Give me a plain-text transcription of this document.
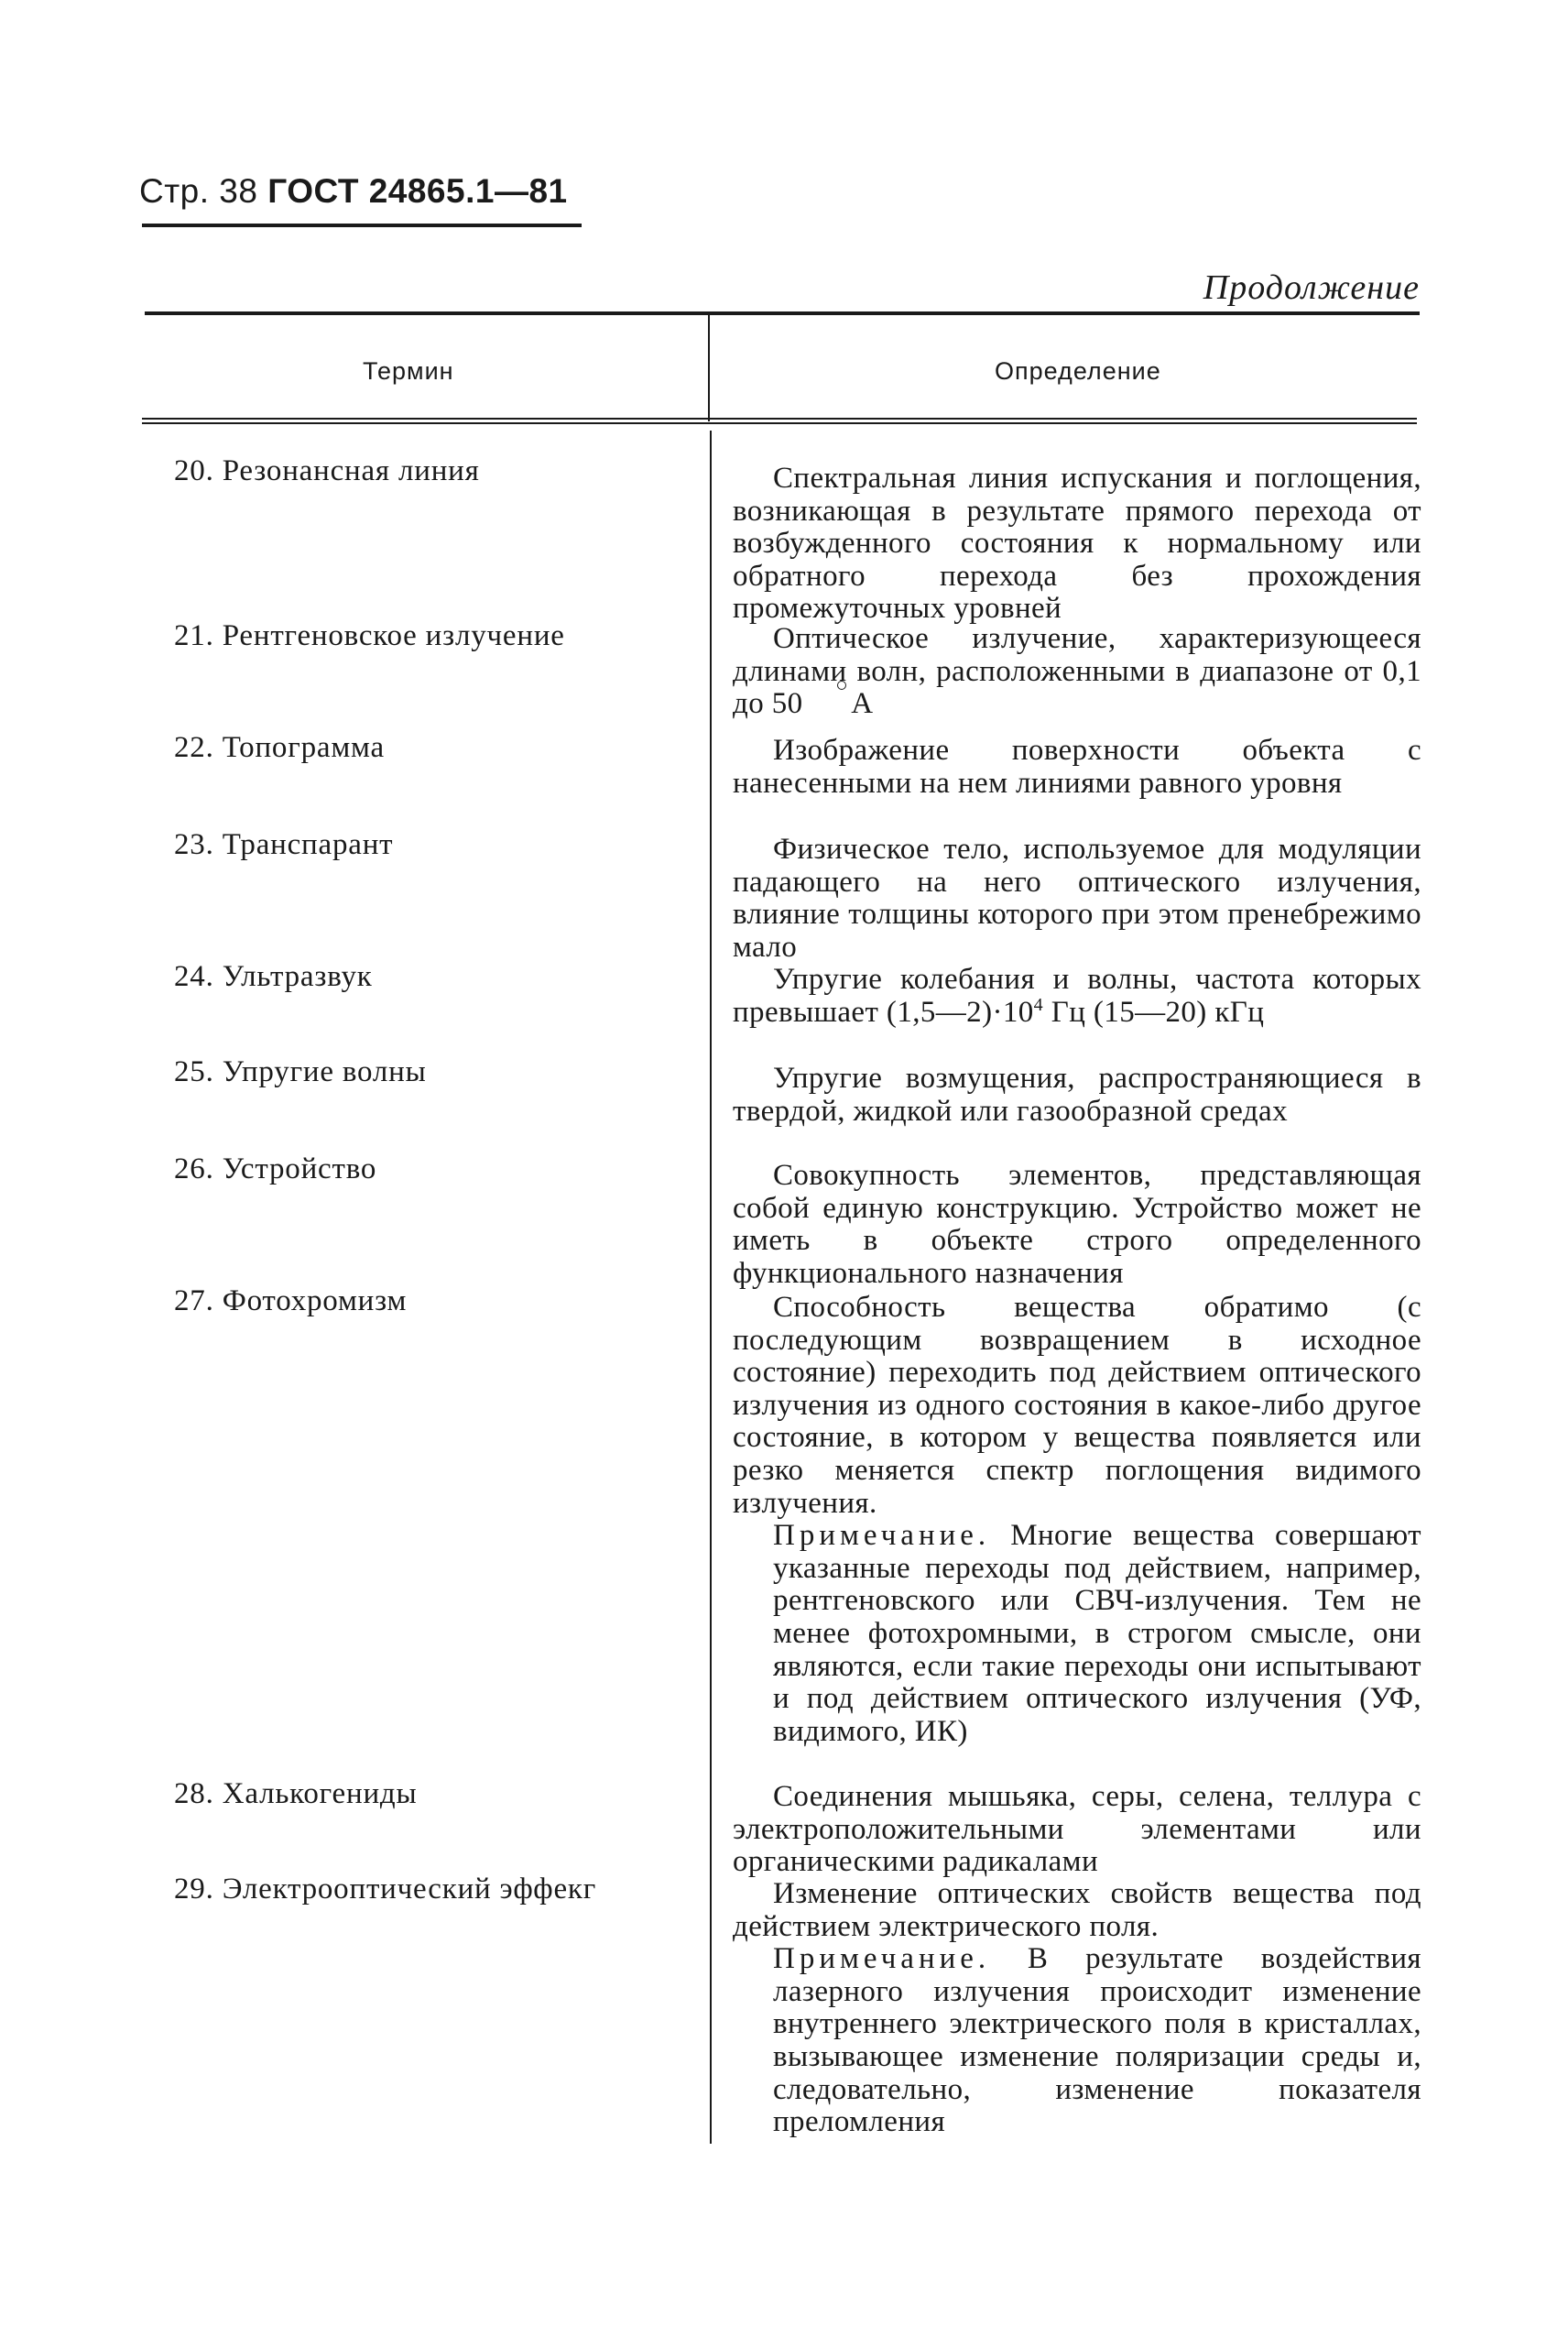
Стр. 38 ГОСТ 24865.1—81
Продолжение
Термин	Определение
20. Резонансная линия	Спектральная линия испускания и поглощения, возникающая в результате прямого перехода от возбужденного состояния к нормальному или обратного перехода без прохождения промежуточных уровней

21. Рентгеновское излучение	Оптическое излучение, характеризующееся длинами волн, расположенными в диапазоне от 0,1 до 50 A

22. Топограмма	Изображение поверхности объекта с нанесенными на нем линиями равного уровня

23. Транспарант	Физическое тело, используемое для модуляции падающего на него оптического излучения, влияние толщины которого при этом пренебрежимо мало

24. Ультразвук	Упругие колебания и волны, частота которых превышает $(1,5—2)\cdot 10^4$ Гц (15—20) кГц

25. Упругие волны	Упругие возмущения, распространяющиеся в твердой, жидкой или газообразной средах

26. Устройство	Совокупность элементов, представляющая собой единую конструкцию. Устройство может не иметь в объекте строго определенного функционального назначения

27. Фотохромизм	Способность вещества обратимо (с последующим возвращением в исходное состояние) переходить под действием оптического излучения из одного состояния в какое-либо другое состояние, в котором у вещества появляется или резко меняется спектр поглощения видимого излучения.

Примечание. Многие вещества совершают указанные переходы под действием, например, рентгеновского или СВЧ-излучения. Тем не менее фотохромными, в строгом смысле, они являются, если такие переходы они испытывают и под действием оптического излучения (УФ, видимого, ИК)

28. Халькогениды	Соединения мышьяка, серы, селена, теллура с электроположительными элементами или органическими радикалами

29. Электрооптический эффекг	Изменение оптических свойств вещества под действием электрического поля.

Примечание. В результате воздействия лазерного излучения происходит изменение внутреннего электрического поля в кристаллах, вызывающее изменение поляризации среды и, следовательно, изменение показателя преломления
